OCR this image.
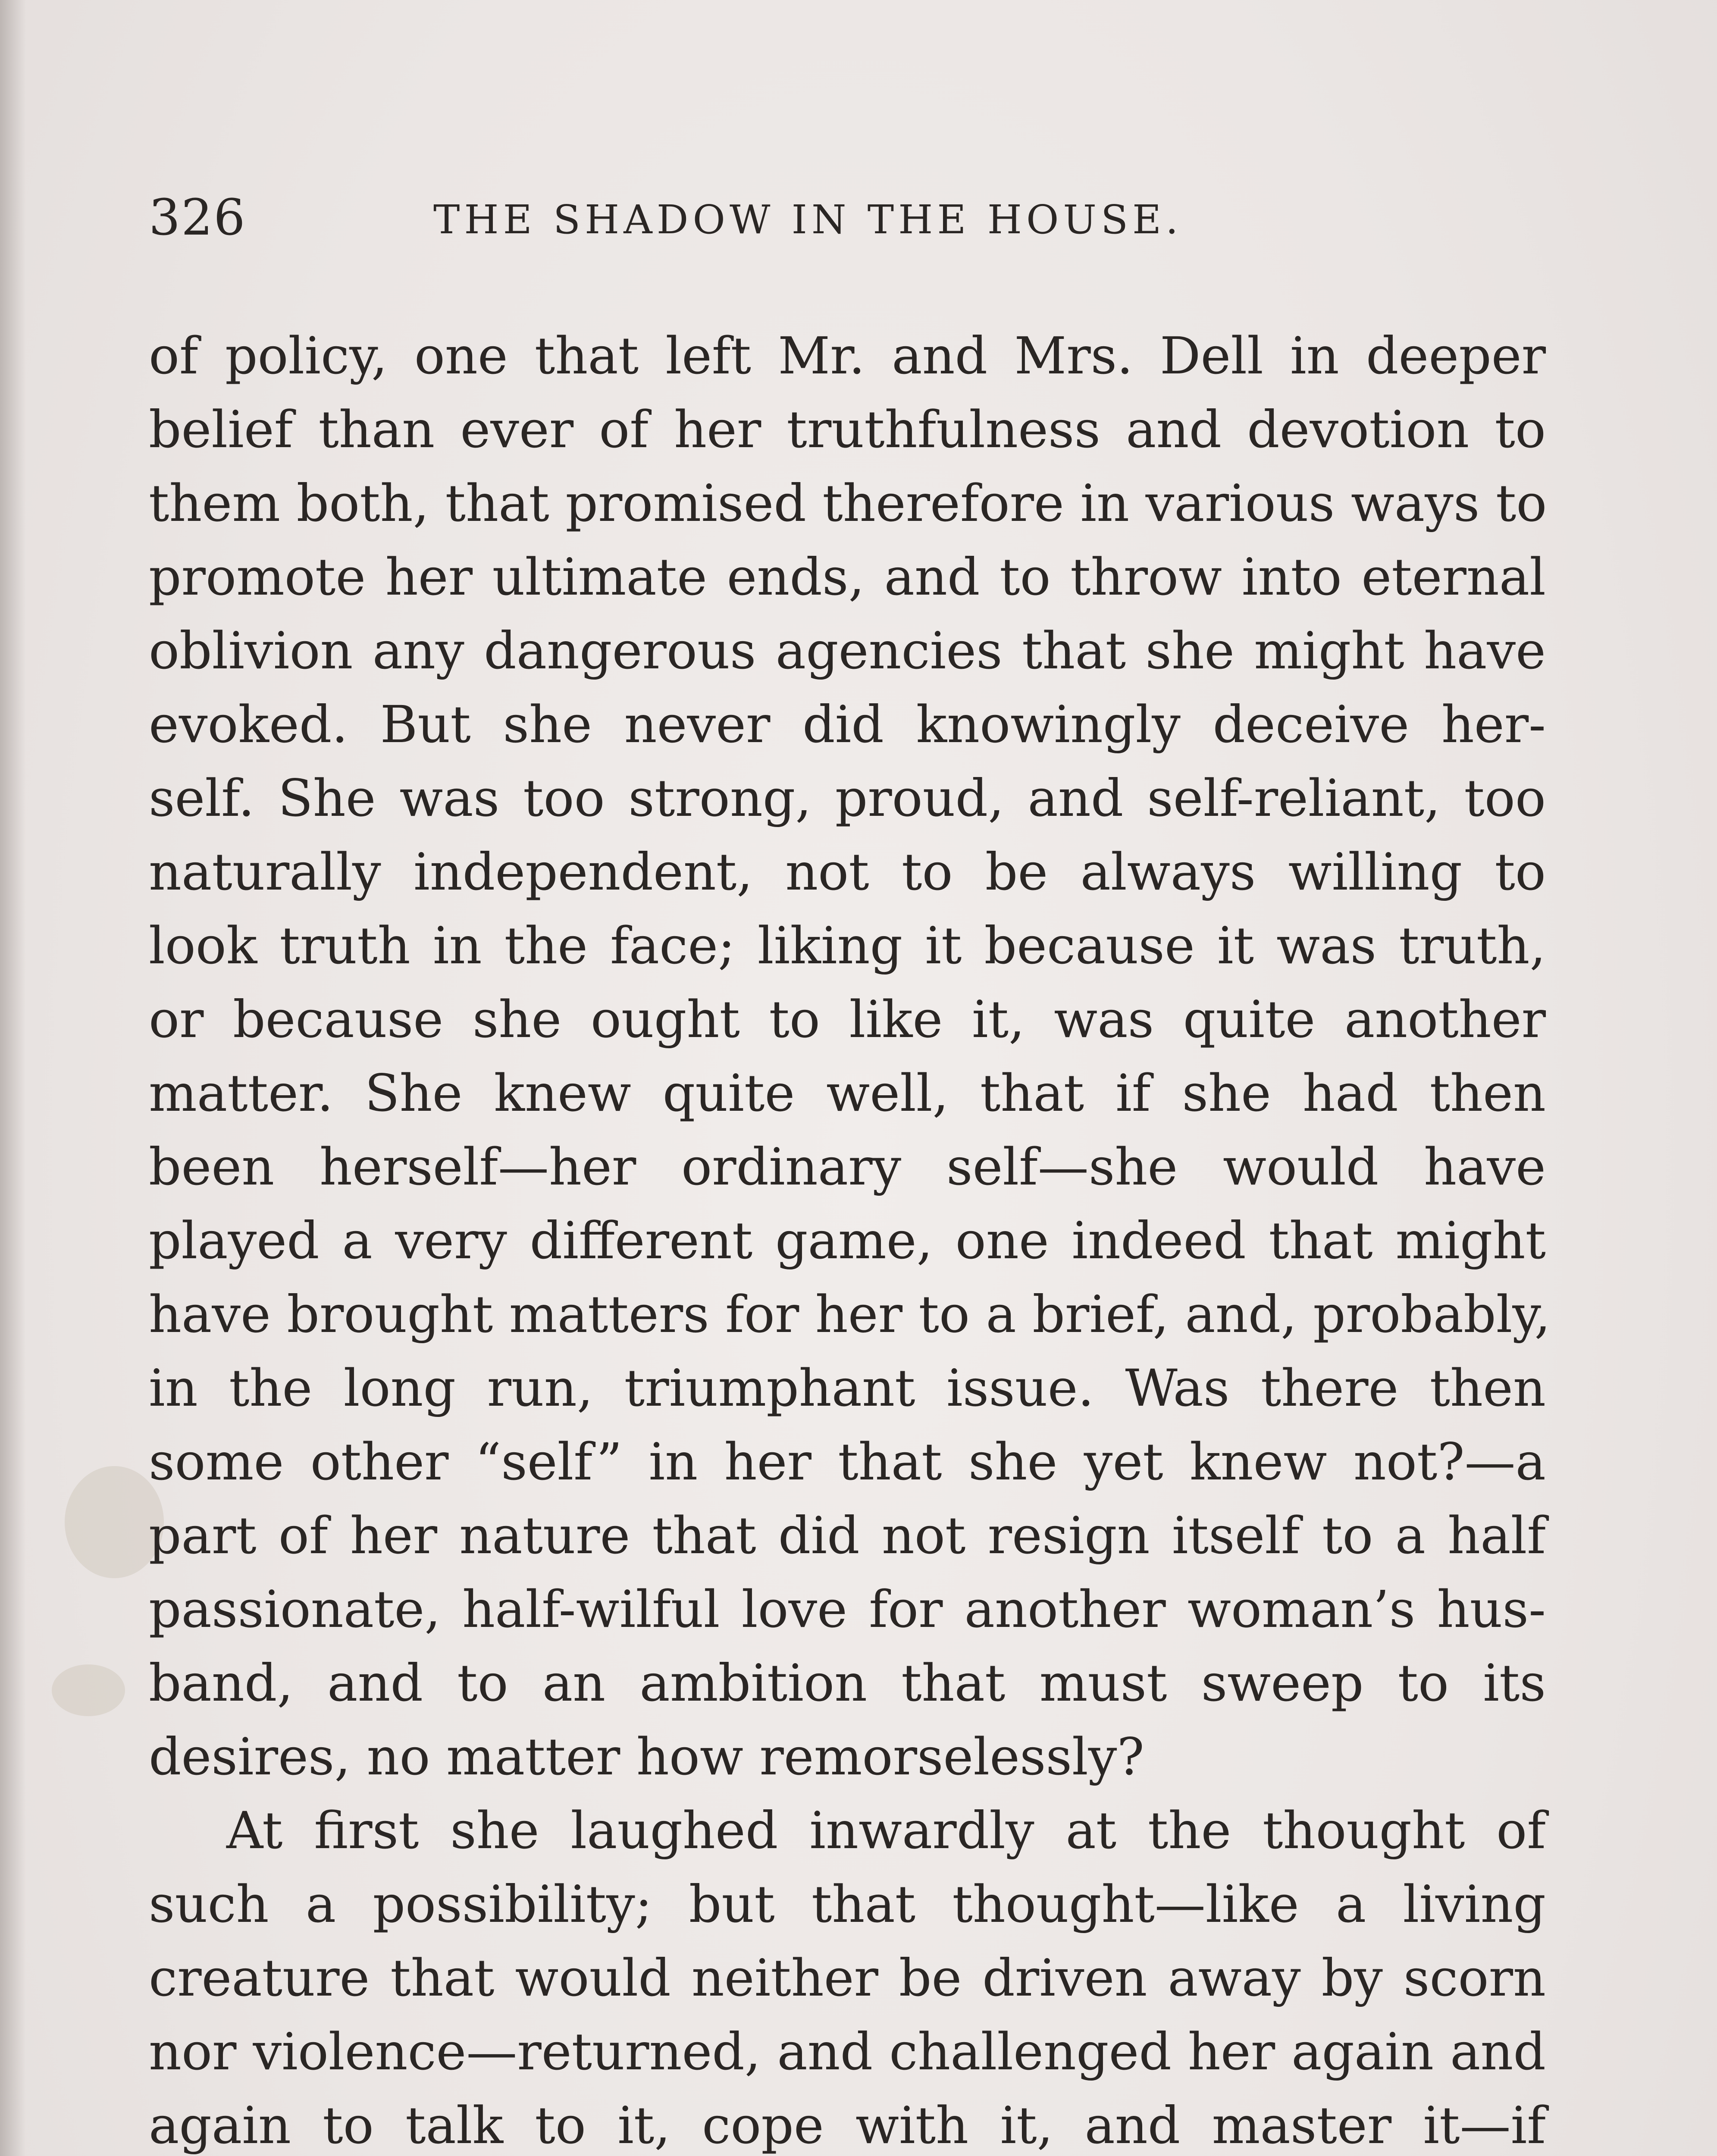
326	THE SHADOW IN THE HOUSE.
of policy, one that left Mr. and Mrs. Dell in deeper
belief than ever of her truthfulness and devotion to
them both, that promised therefore in various ways to
promote her ultimate ends, and to throw into eternal
oblivion any dangerous agencies that she might have
evoked. But she never did knowingly deceive her-
self. She was too strong, proud, and self-reliant, too
naturally independent, not to be always willing to
look truth in the face; liking it because it was truth,
or because she ought to like it, was quite another
matter. She knew quite well, that if she had then
been herself—her ordinary self—she would have
played a very different game, one indeed that might
have brought matters for her to a brief, and, probably,
in the long run, triumphant issue. Was there then
some other “self” in her that she yet knew not?—a
part of her nature that did not resign itself to a half
passionate, half-wilful love for another woman’s hus-
band, and to an ambition that must sweep to its
desires, no matter how remorselessly?
At first she laughed inwardly at the thought of
such a possibility; but that thought—like a living
creature that would neither be driven away by scorn
nor violence—returned, and challenged her again and
again to talk to it, cope with it, and master it—if
